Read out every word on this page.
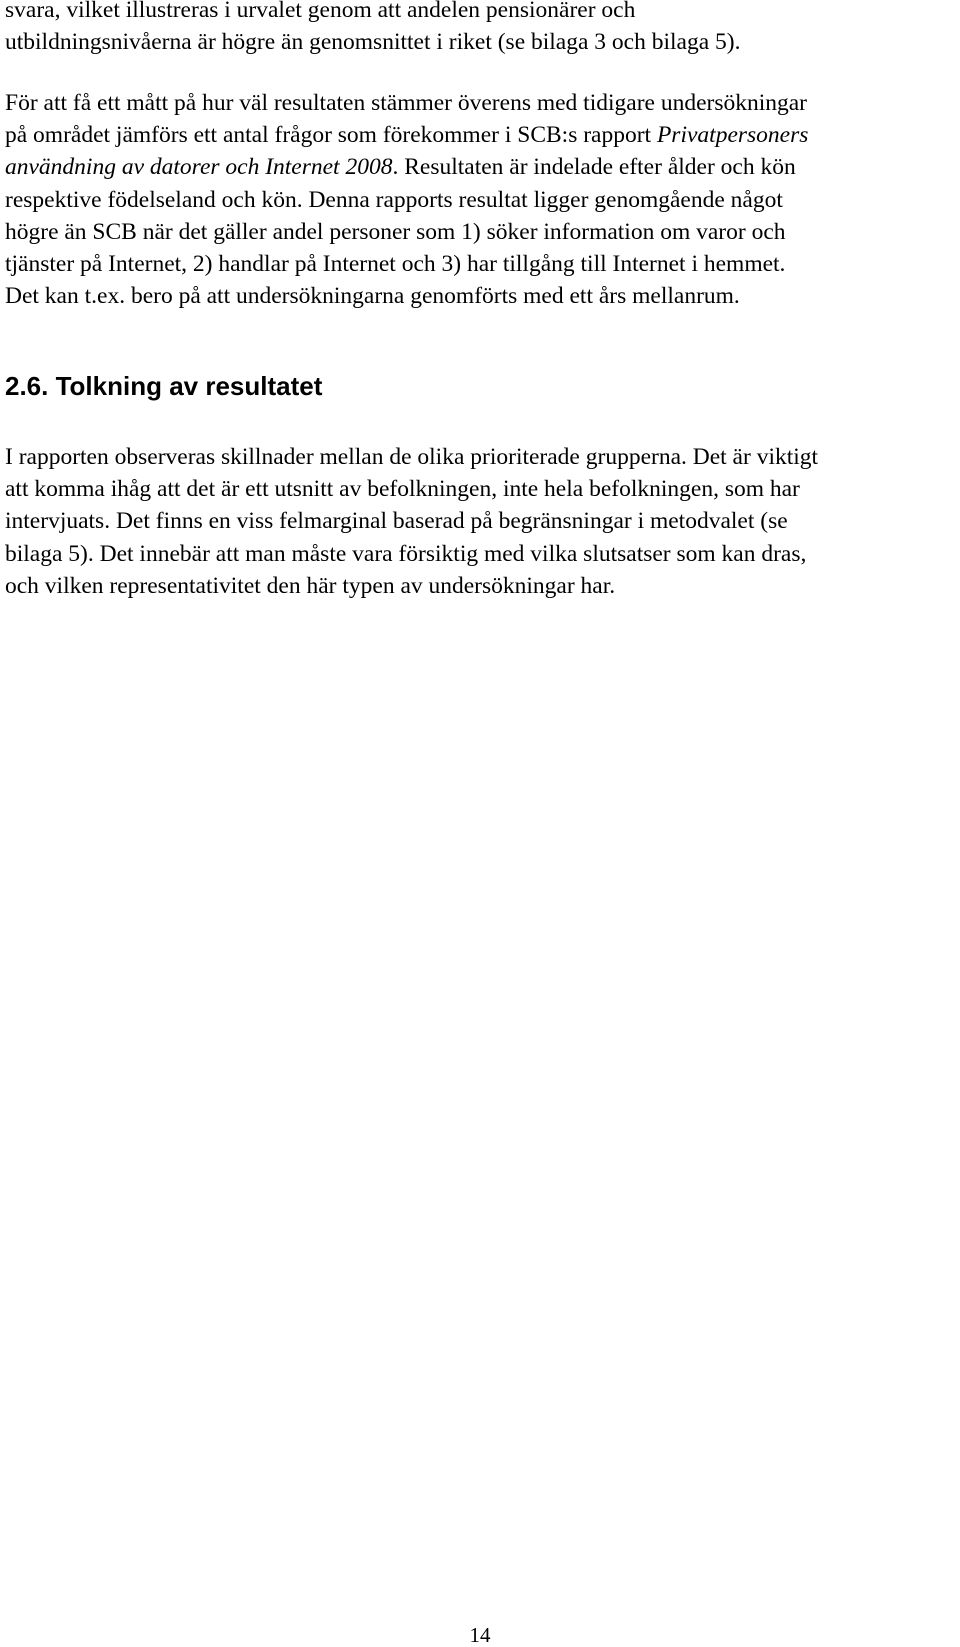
svara, vilket illustreras i urvalet genom att andelen pensionärer och
utbildningsnivåerna är högre än genomsnittet i riket (se bilaga 3 och bilaga 5).

För att få ett mått på hur väl resultaten stämmer överens med tidigare undersökningar
på området jämförs ett antal frågor som förekommer i SCB:s rapport Privatpersoners
användning av datorer och Internet 2008. Resultaten är indelade efter ålder och kön
respektive födelseland och kön. Denna rapports resultat ligger genomgående något
högre än SCB när det gäller andel personer som 1) söker information om varor och
tjänster på Internet, 2) handlar på Internet och 3) har tillgång till Internet i hemmet.
Det kan t.ex. bero på att undersökningarna genomförts med ett års mellanrum.

2.6. Tolkning av resultatet

I rapporten observeras skillnader mellan de olika prioriterade grupperna. Det är viktigt
att komma ihåg att det är ett utsnitt av befolkningen, inte hela befolkningen, som har
intervjuats. Det finns en viss felmarginal baserad på begränsningar i metodvalet (se
bilaga 5). Det innebär att man måste vara försiktig med vilka slutsatser som kan dras,
och vilken representativitet den här typen av undersökningar har.

14
